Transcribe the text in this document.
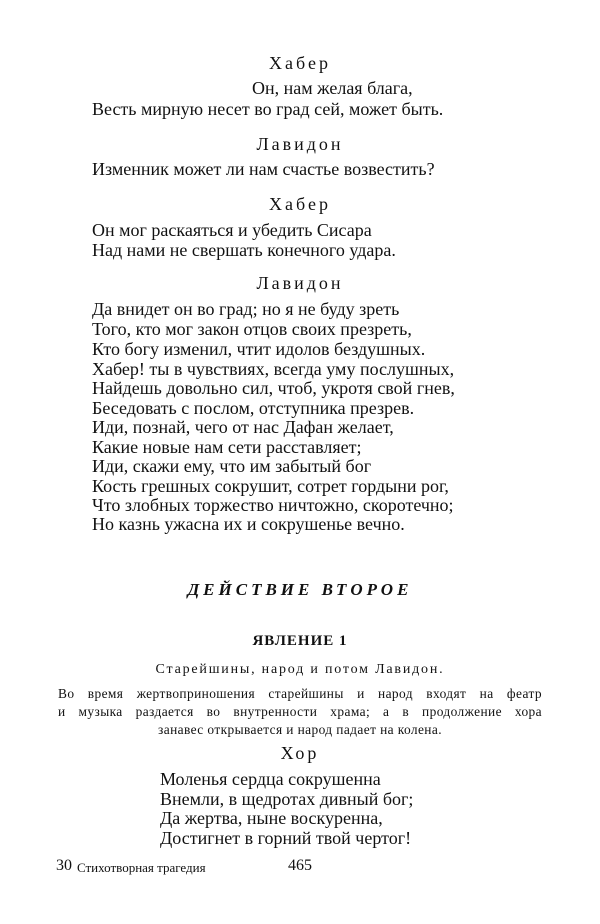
Хабер
Он, нам желая блага,
Весть мирную несет во град сей, может быть.
Лавидон
Изменник может ли нам счастье возвестить?
Хабер
Он мог раскаяться и убедить Сисара
Над нами не свершать конечного удара.
Лавидон
Да внидет он во град; но я не буду зреть
Того, кто мог закон отцов своих презреть,
Кто богу изменил, чтит идолов бездушных.
Хабер! ты в чувствиях, всегда уму послушных,
Найдешь довольно сил, чтоб, укротя свой гнев,
Беседовать с послом, отступника презрев.
Иди, познай, чего от нас Дафан желает,
Какие новые нам сети расставляет;
Иди, скажи ему, что им забытый бог
Кость грешных сокрушит, сотрет гордыни рог,
Что злобных торжество ничтожно, скоротечно;
Но казнь ужасна их и сокрушенье вечно.
ДЕЙСТВИЕ ВТОРОЕ
ЯВЛЕНИЕ 1
Старейшины, народ и потом Лавидон.
Во время жертвоприношения старейшины и народ входят на феатр
и музыка раздается во внутренности храма; а в продолжение хора
занавес открывается и народ падает на колена.
Хор
Моленья сердца сокрушенна
Внемли, в щедротах дивный бог;
Да жертва, ныне воскуренна,
Достигнет в горний твой чертог!
30 Стихотворная трагедия	465
